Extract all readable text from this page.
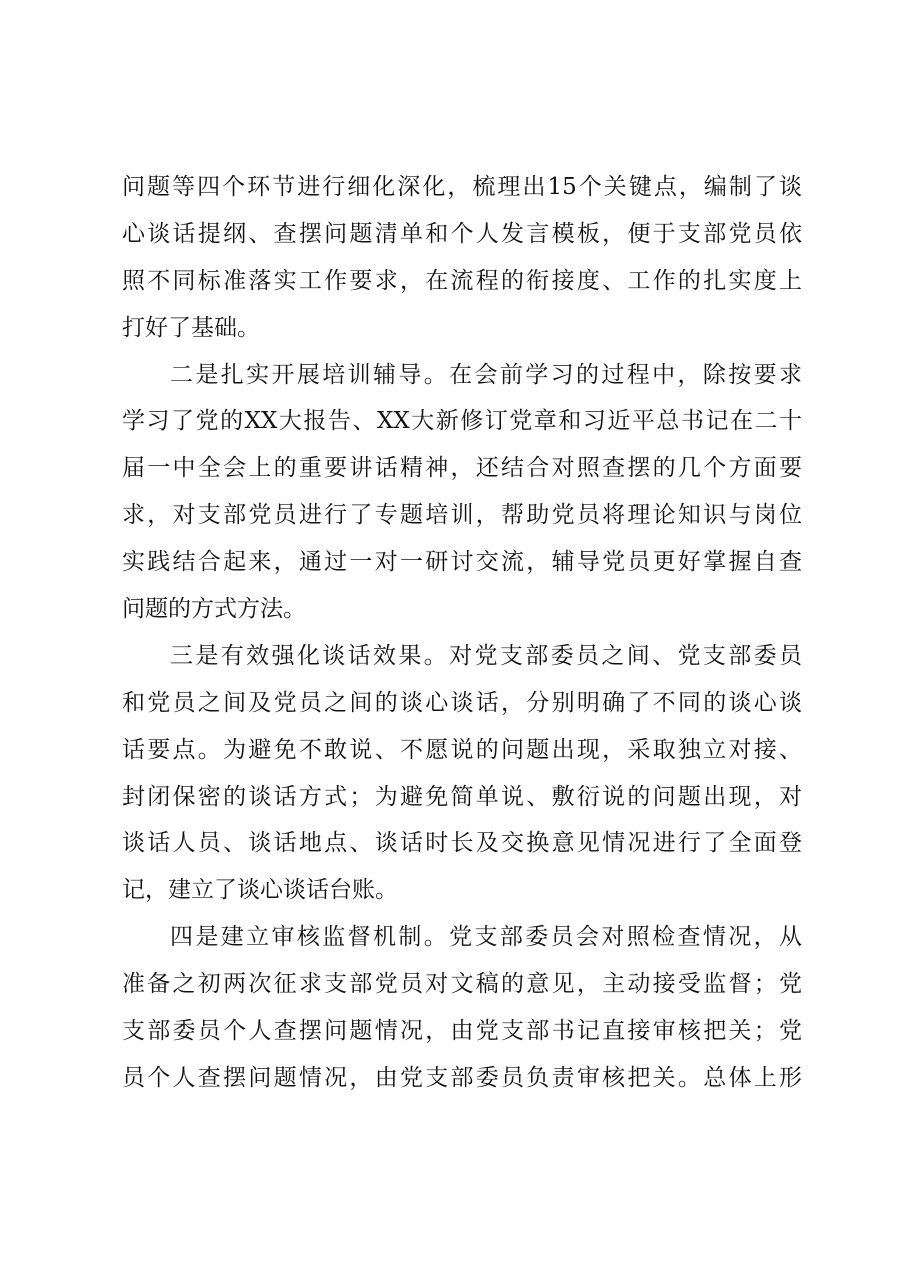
问题等四个环节进行细化深化，梳理出15个关键点，编制了谈
心谈话提纲、查摆问题清单和个人发言模板，便于支部党员依
照不同标准落实工作要求，在流程的衔接度、工作的扎实度上
打好了基础。
二是扎实开展培训辅导。在会前学习的过程中，除按要求
学习了党的XX大报告、XX大新修订党章和习近平总书记在二十
届一中全会上的重要讲话精神，还结合对照查摆的几个方面要
求，对支部党员进行了专题培训，帮助党员将理论知识与岗位
实践结合起来，通过一对一研讨交流，辅导党员更好掌握自查
问题的方式方法。
三是有效强化谈话效果。对党支部委员之间、党支部委员
和党员之间及党员之间的谈心谈话，分别明确了不同的谈心谈
话要点。为避免不敢说、不愿说的问题出现，采取独立对接、
封闭保密的谈话方式；为避免简单说、敷衍说的问题出现，对
谈话人员、谈话地点、谈话时长及交换意见情况进行了全面登
记，建立了谈心谈话台账。
四是建立审核监督机制。党支部委员会对照检查情况，从
准备之初两次征求支部党员对文稿的意见，主动接受监督；党
支部委员个人查摆问题情况，由党支部书记直接审核把关；党
员个人查摆问题情况，由党支部委员负责审核把关。总体上形
